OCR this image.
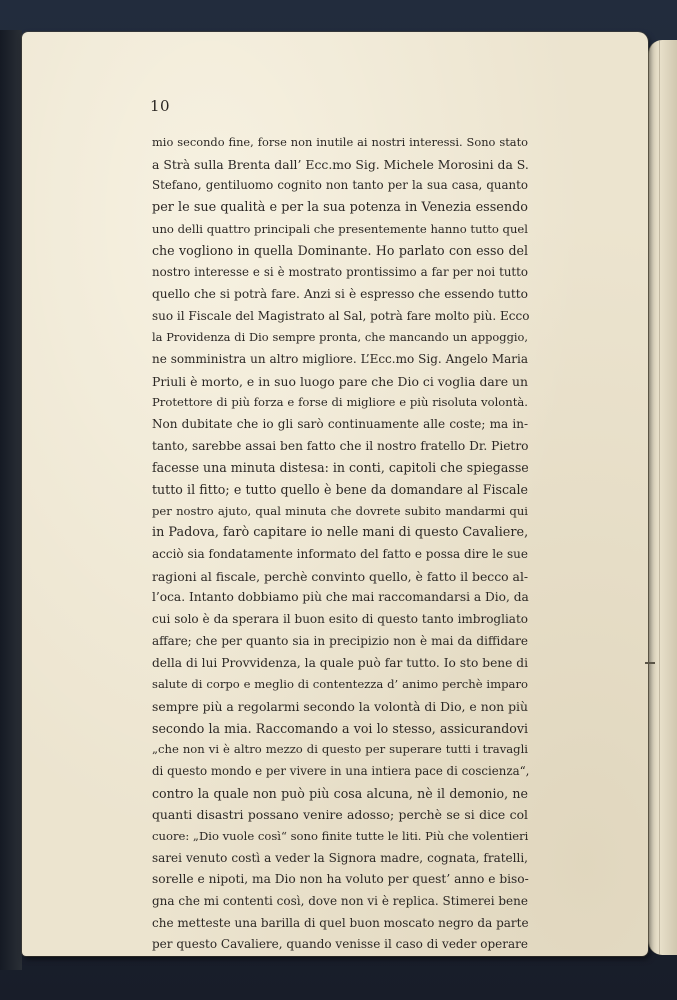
10
mio secondo fine, forse non inutile ai nostri interessi. Sono stato
a Strà sulla Brenta dall’ Ecc.mo Sig. Michele Morosini da S.
Stefano, gentiluomo cognito non tanto per la sua casa, quanto
per le sue qualità e per la sua potenza in Venezia essendo
uno delli quattro principali che presentemente hanno tutto quel
che vogliono in quella Dominante. Ho parlato con esso del
nostro interesse e si è mostrato prontissimo a far per noi tutto
quello che si potrà fare. Anzi si è espresso che essendo tutto
suo il Fiscale del Magistrato al Sal, potrà fare molto più. Ecco
la Providenza di Dio sempre pronta, che mancando un appoggio,
ne somministra un altro migliore. L’Ecc.mo Sig. Angelo Maria
Priuli è morto, e in suo luogo pare che Dio ci voglia dare un
Protettore di più forza e forse di migliore e più risoluta volontà.
Non dubitate che io gli sarò continuamente alle coste; ma in-
tanto, sarebbe assai ben fatto che il nostro fratello Dr. Pietro
facesse una minuta distesa: in conti, capitoli che spiegasse
tutto il fitto; e tutto quello è bene da domandare al Fiscale
per nostro ajuto, qual minuta che dovrete subito mandarmi qui
in Padova, farò capitare io nelle mani di questo Cavaliere,
acciò sia fondatamente informato del fatto e possa dire le sue
ragioni al fiscale, perchè convinto quello, è fatto il becco al-
l’oca. Intanto dobbiamo più che mai raccomandarsi a Dio, da
cui solo è da sperara il buon esito di questo tanto imbrogliato
affare; che per quanto sia in precipizio non è mai da diffidare
della di lui Provvidenza, la quale può far tutto. Io sto bene di
salute di corpo e meglio di contentezza d’ animo perchè imparo
sempre più a regolarmi secondo la volontà di Dio, e non più
secondo la mia. Raccomando a voi lo stesso, assicurandovi
„che non vi è altro mezzo di questo per superare tutti i travagli
di questo mondo e per vivere in una intiera pace di coscienza“,
contro la quale non può più cosa alcuna, nè il demonio, ne
quanti disastri possano venire adosso; perchè se si dice col
cuore: „Dio vuole così“ sono finite tutte le liti. Più che volentieri
sarei venuto costì a veder la Signora madre, cognata, fratelli,
sorelle e nipoti, ma Dio non ha voluto per quest’ anno e biso-
gna che mi contenti così, dove non vi è replica. Stimerei bene
che metteste una barilla di quel buon moscato negro da parte
per questo Cavaliere, quando venisse il caso di veder operare
